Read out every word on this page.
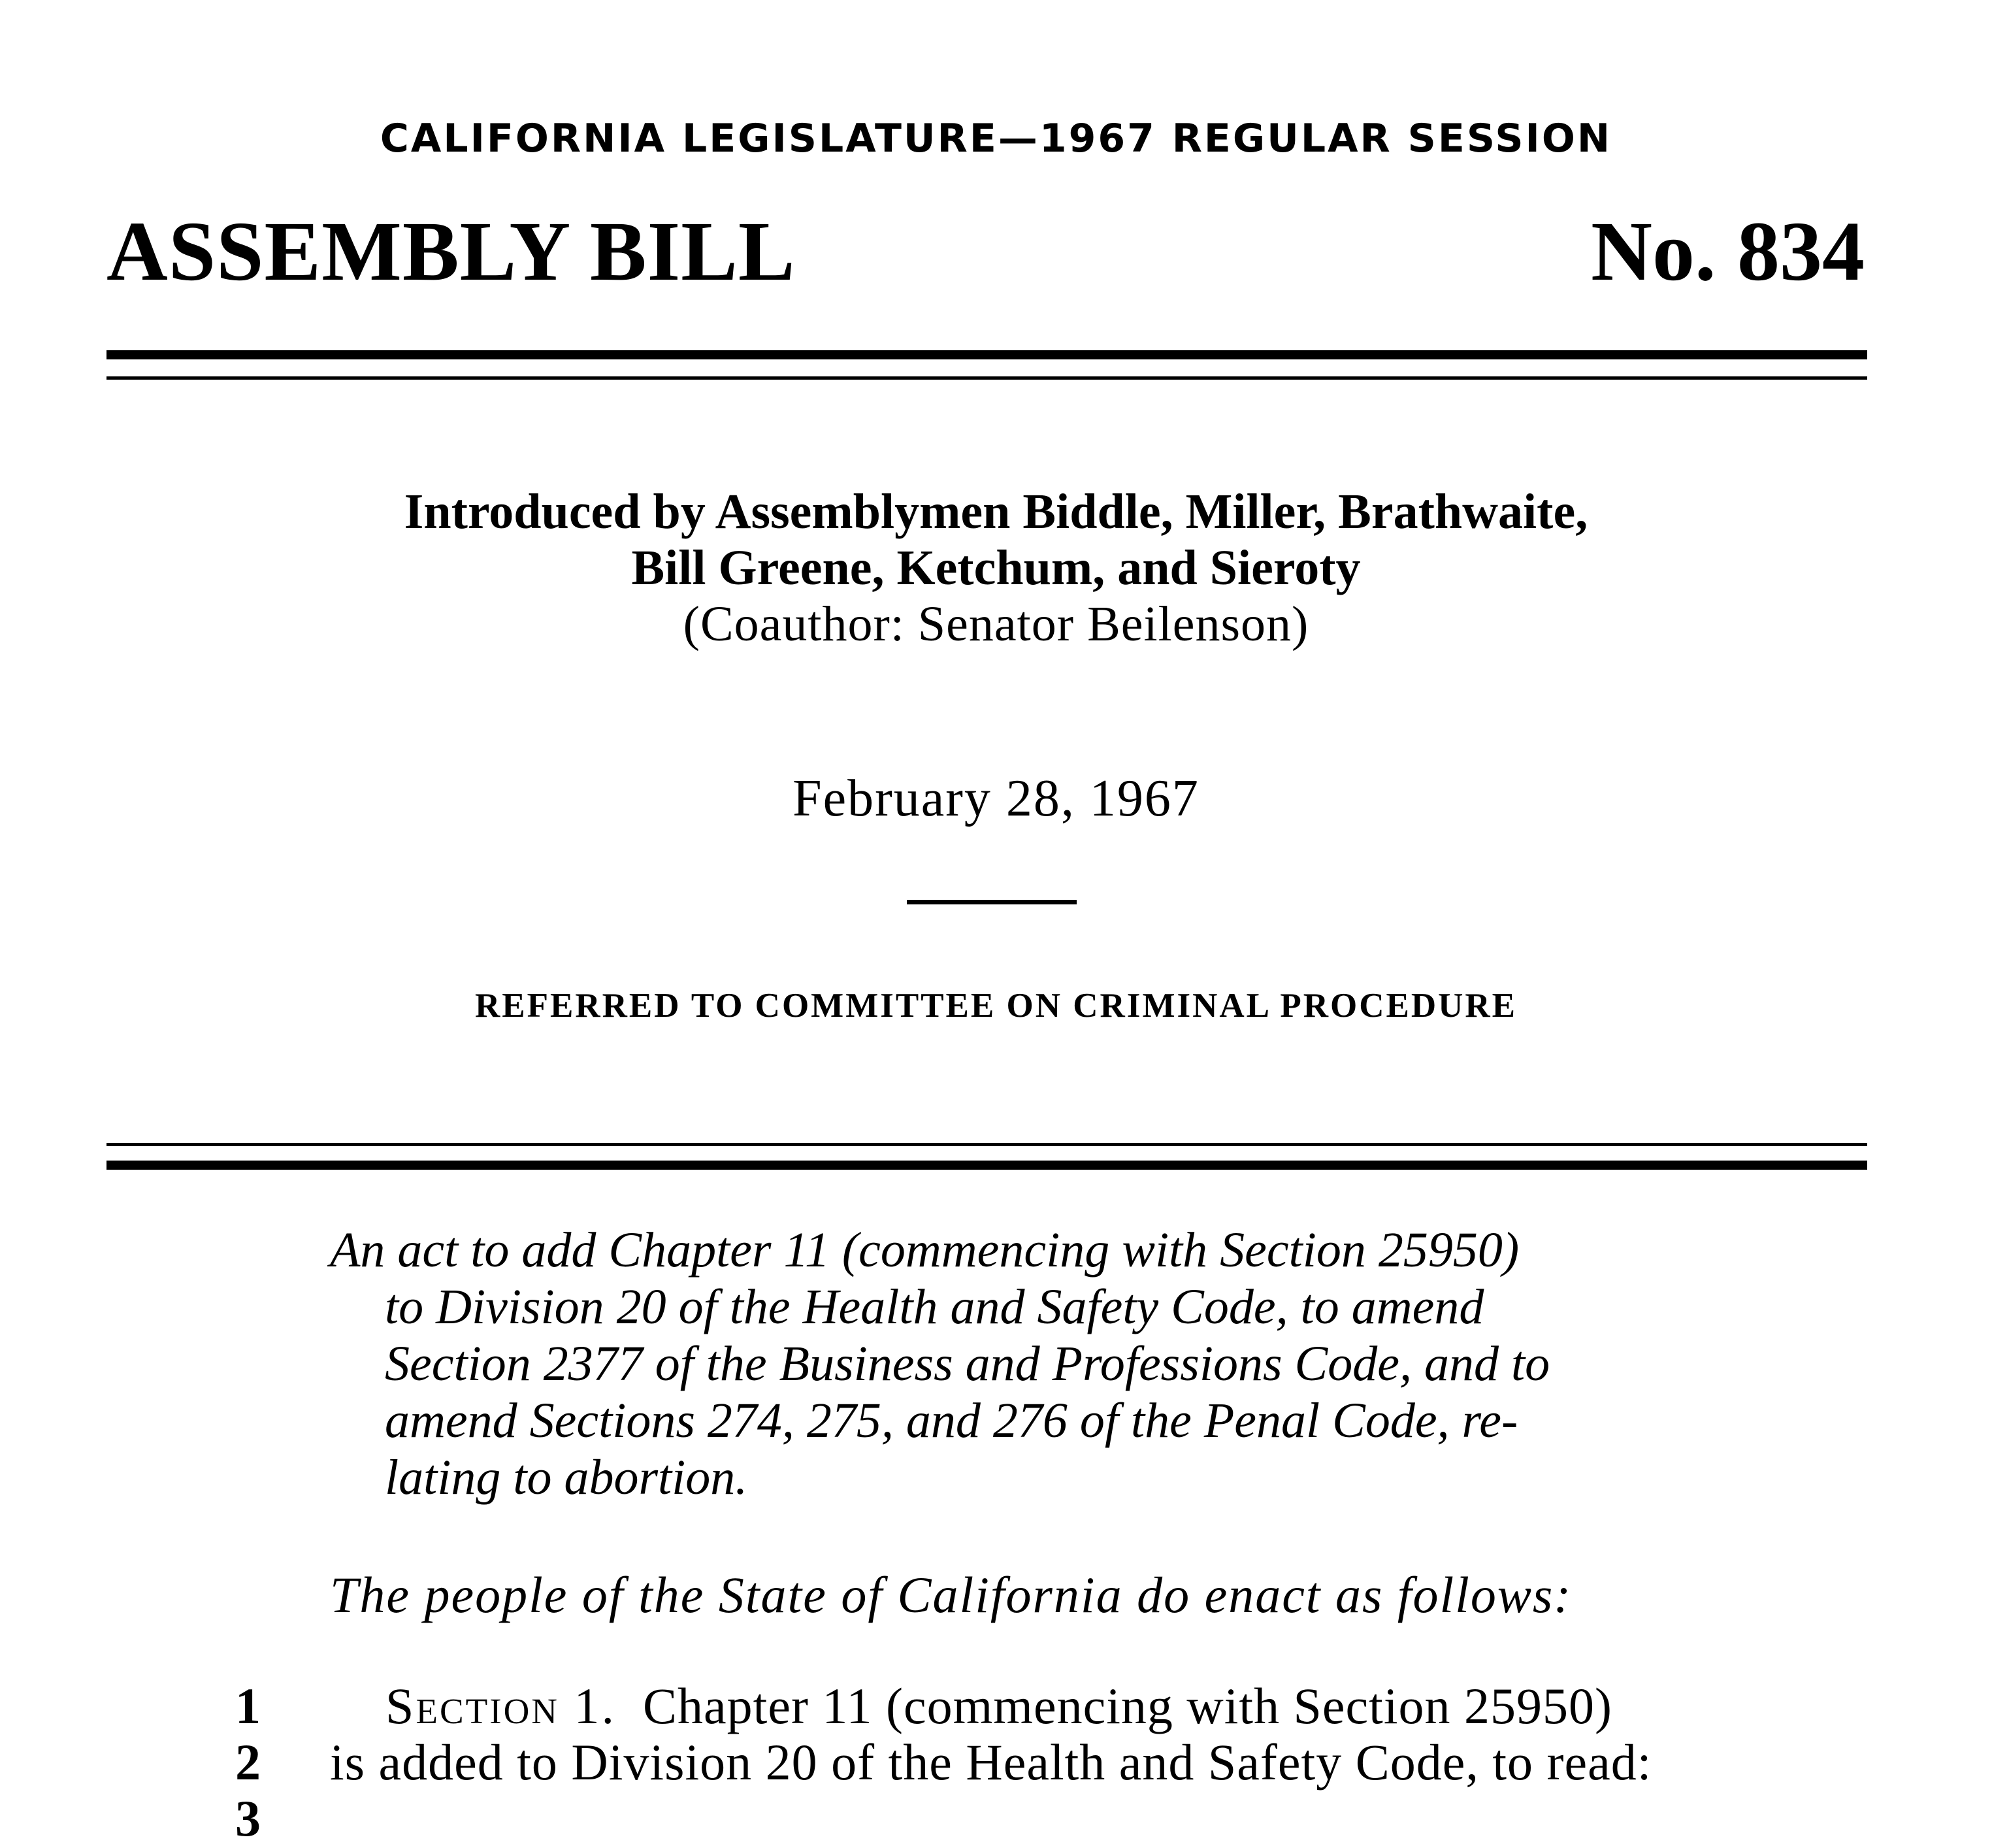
CALIFORNIA LEGISLATURE—1967 REGULAR SESSION
ASSEMBLY BILL	No. 834
Introduced by Assemblymen Biddle, Miller, Brathwaite,
Bill Greene, Ketchum, and Sieroty
(Coauthor: Senator Beilenson)
February 28, 1967
REFERRED TO COMMITTEE ON CRIMINAL PROCEDURE
An act to add Chapter 11 (commencing with Section 25950)
to Division 20 of the Health and Safety Code, to amend
Section 2377 of the Business and Professions Code, and to
amend Sections 274, 275, and 276 of the Penal Code, re-
lating to abortion.
The people of the State of California do enact as follows:
1	Section 1. Chapter 11 (commencing with Section 25950)
2	is added to Division 20 of the Health and Safety Code, to read:
3
